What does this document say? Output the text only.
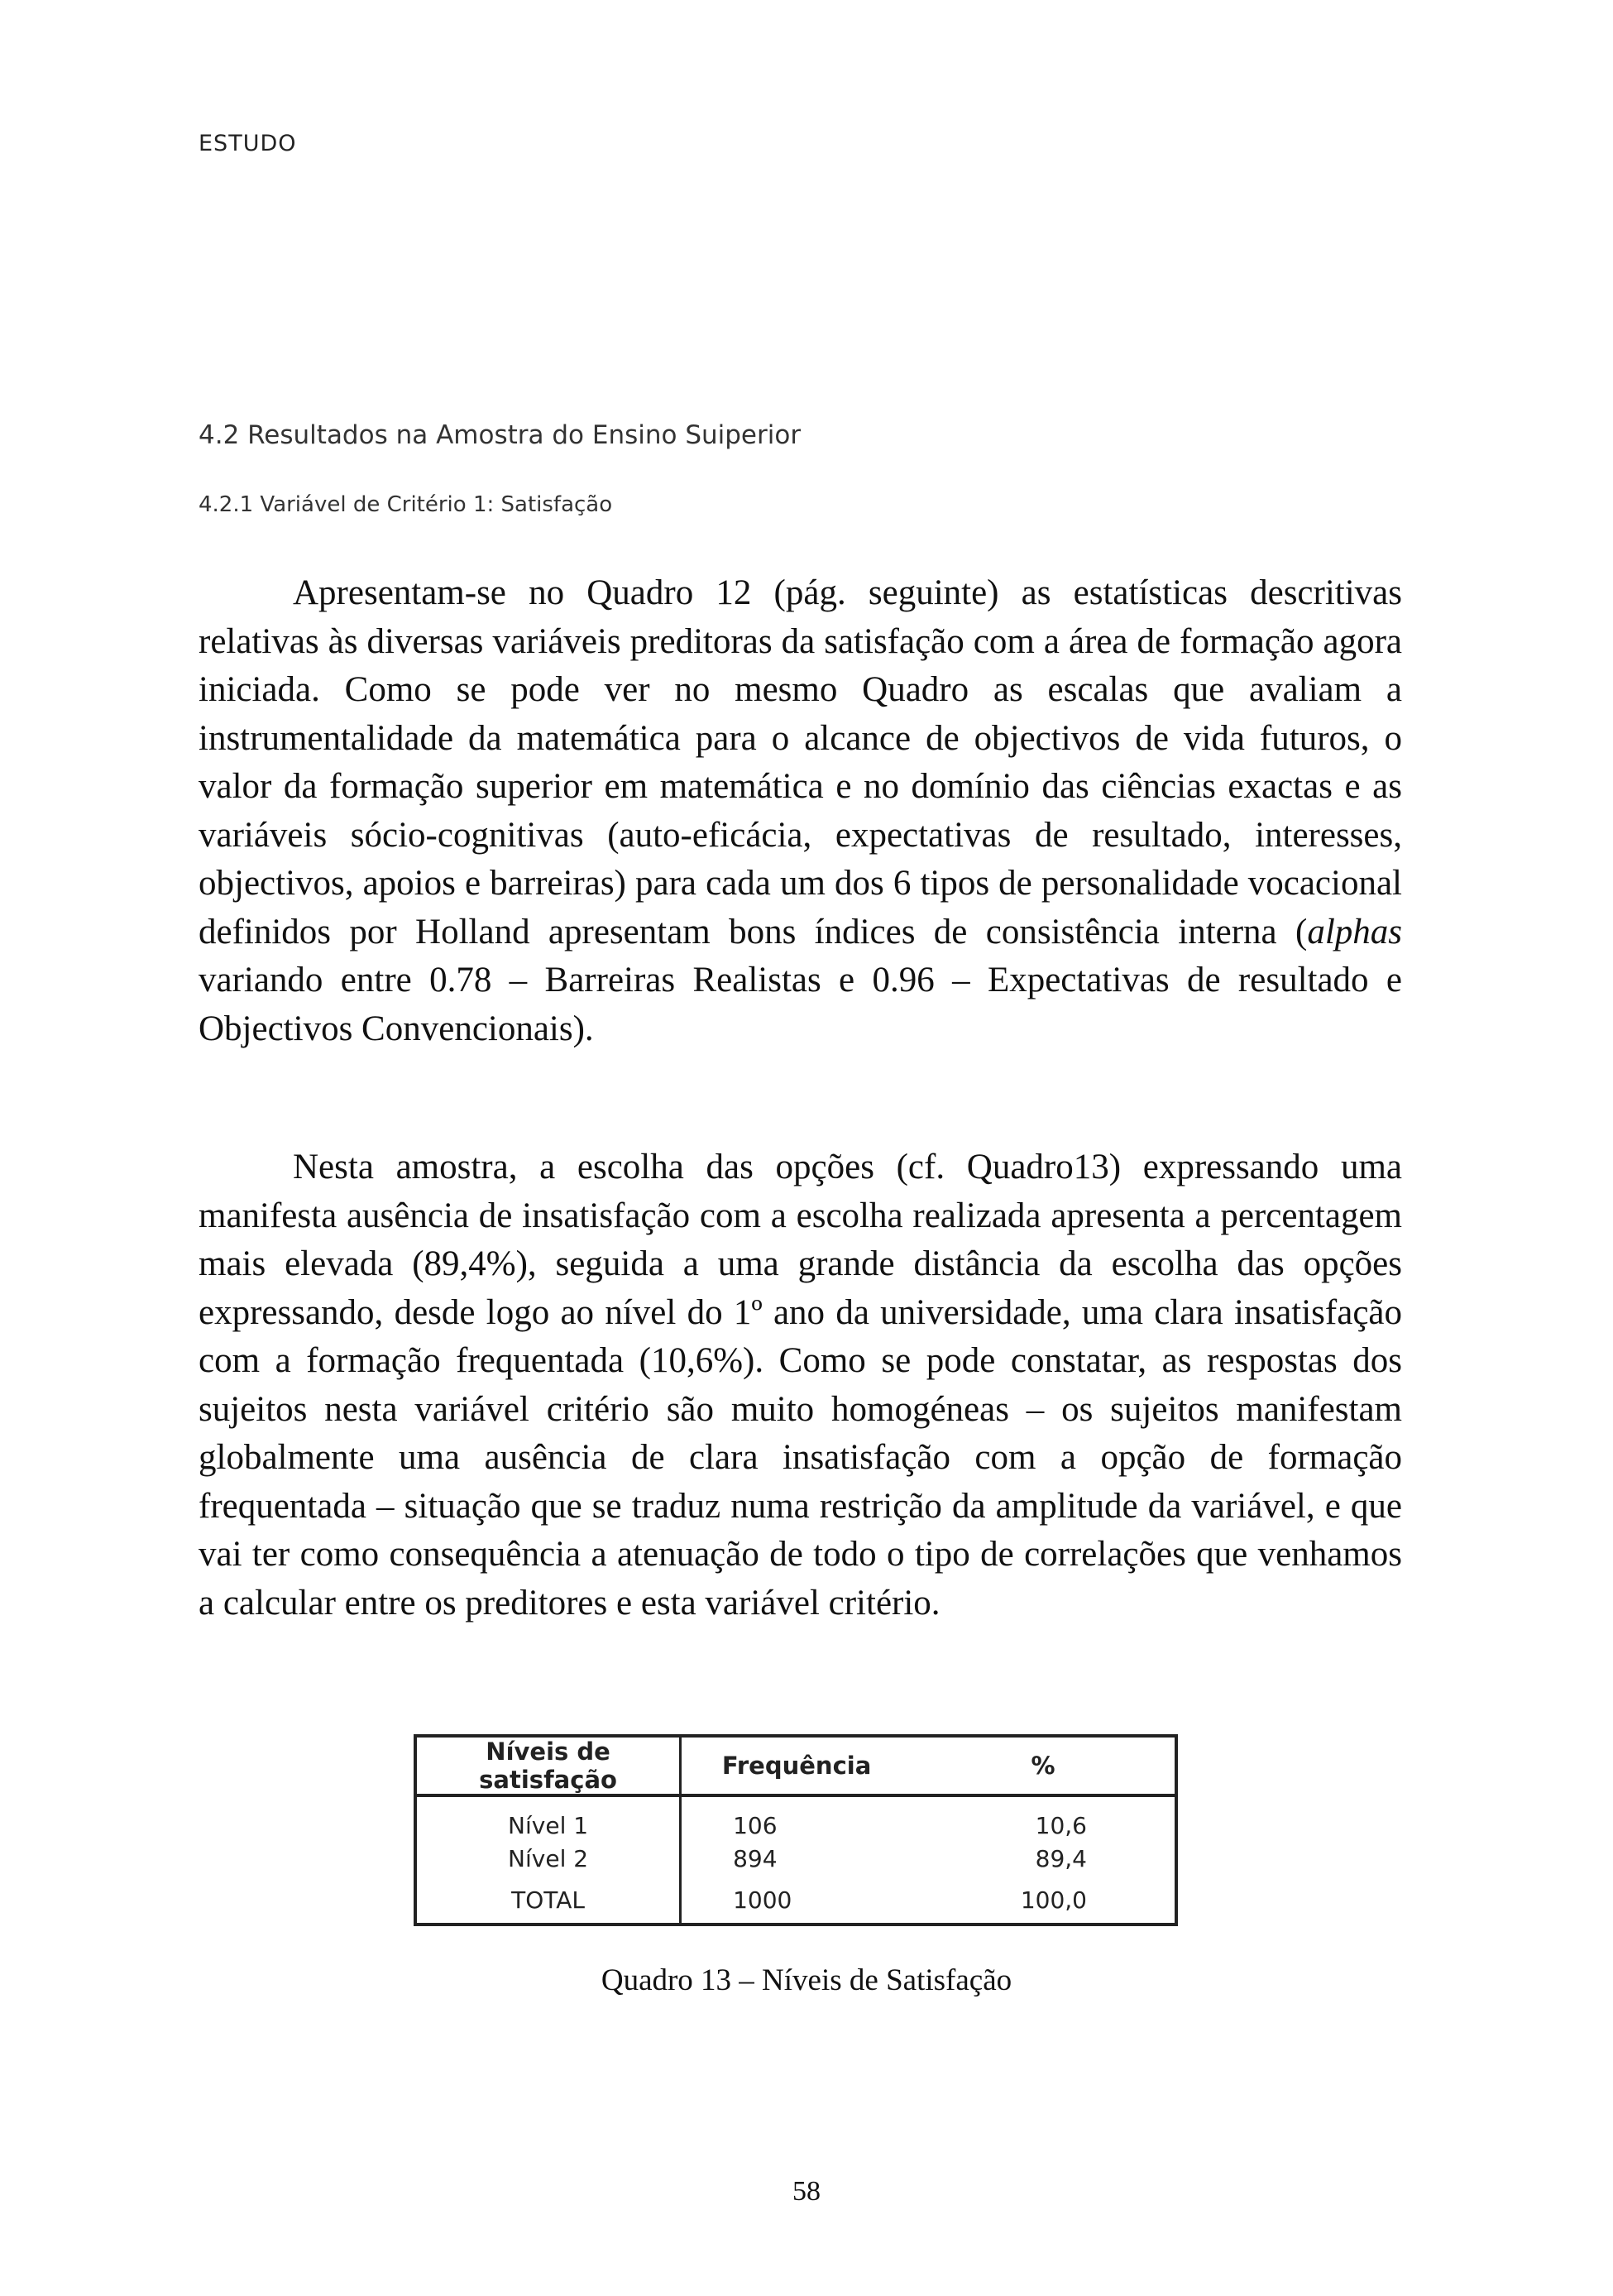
ESTUDO
4.2 Resultados na Amostra do Ensino Suiperior
4.2.1 Variável de Critério 1: Satisfação

Apresentam-se no Quadro 12 (pág. seguinte) as estatísticas descritivas relativas às diversas variáveis preditoras da satisfação com a área de formação agora iniciada. Como se pode ver no mesmo Quadro as escalas que avaliam a instrumentalidade da matemática para o alcance de objectivos de vida futuros, o valor da formação superior em matemática e no domínio das ciências exactas e as variáveis sócio-cognitivas (auto-eficácia, expectativas de resultado, interesses, objectivos, apoios e barreiras) para cada um dos 6 tipos de personalidade vocacional definidos por Holland apresentam bons índices de consistência interna (alphas variando entre 0.78 – Barreiras Realistas e 0.96 – Expectativas de resultado e Objectivos Convencionais).

Nesta amostra, a escolha das opções (cf. Quadro13) expressando uma manifesta ausência de insatisfação com a escolha realizada apresenta a percentagem mais elevada (89,4%), seguida a uma grande distância da escolha das opções expressando, desde logo ao nível do 1º ano da universidade, uma clara insatisfação com a formação frequentada (10,6%). Como se pode constatar, as respostas dos sujeitos nesta variável critério são muito homogéneas – os sujeitos manifestam globalmente uma ausência de clara insatisfação com a opção de formação frequentada – situação que se traduz numa restrição da amplitude da variável, e que vai ter como consequência a atenuação de todo o tipo de correlações que venhamos a calcular entre os preditores e esta variável critério.

Níveis de satisfação	Frequência	%
Nível 1	106	10,6
Nível 2	894	89,4
TOTAL	1000	100,0
Quadro 13 – Níveis de Satisfação
58
